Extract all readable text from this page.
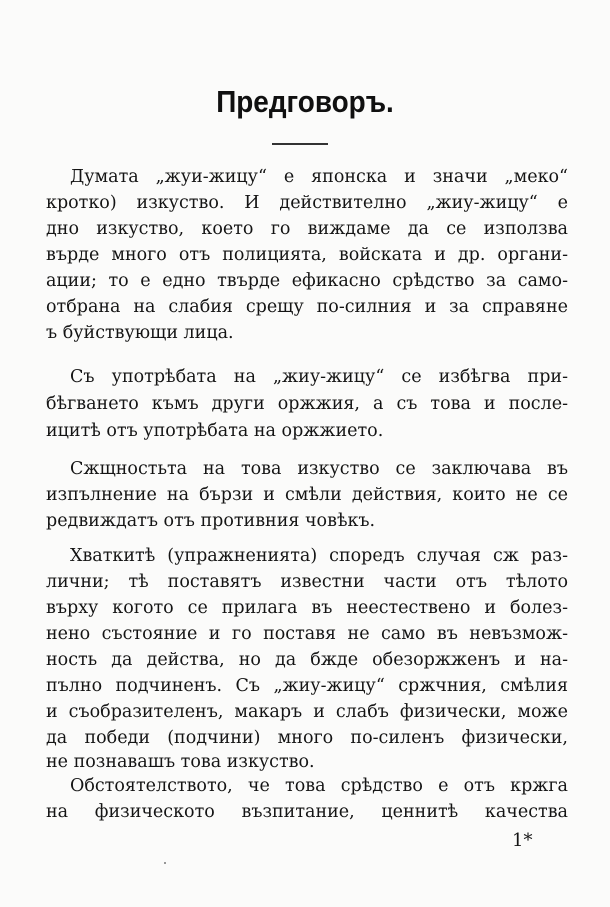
Предговоръ.
Думата „жуи-жицу“ е японска и значи „меко“
кротко) изкуство. И действително „жиу-жицу“ е
дно изкуство, което го виждаме да се използва
върде много отъ полицията, войската и др. органи-
ации; то е едно твърде ефикасно срѣдство за само-
отбрана на слабия срещу по-силния и за справяне
ъ буйствующи лица.
Съ употрѣбата на „жиу-жицу“ се избѣгва при-
бѣгването къмъ други оржжия, а съ това и после-
ицитѣ отъ употрѣбата на оржжието.
Сжщностьта на това изкуство се заключава въ
изпълнение на бързи и смѣли действия, които не се
редвиждатъ отъ противния човѣкъ.
Хваткитѣ (упражненията) споредъ случая сж раз-
лични; тѣ поставятъ известни части отъ тѣлото
върху когото се прилага въ неестествено и болез-
нено състояние и го поставя не само въ невъзмож-
ность да действа, но да бжде обезоржженъ и на-
пълно подчиненъ. Съ „жиу-жицу“ сржчния, смѣлия
и съобразителенъ, макаръ и слабъ физически, може
да победи (подчини) много по-силенъ физически,
не познавашъ това изкуство.
Обстоятелството, че това срѣдство е отъ кржга
на физическото възпитание, ценнитѣ качества
1*
